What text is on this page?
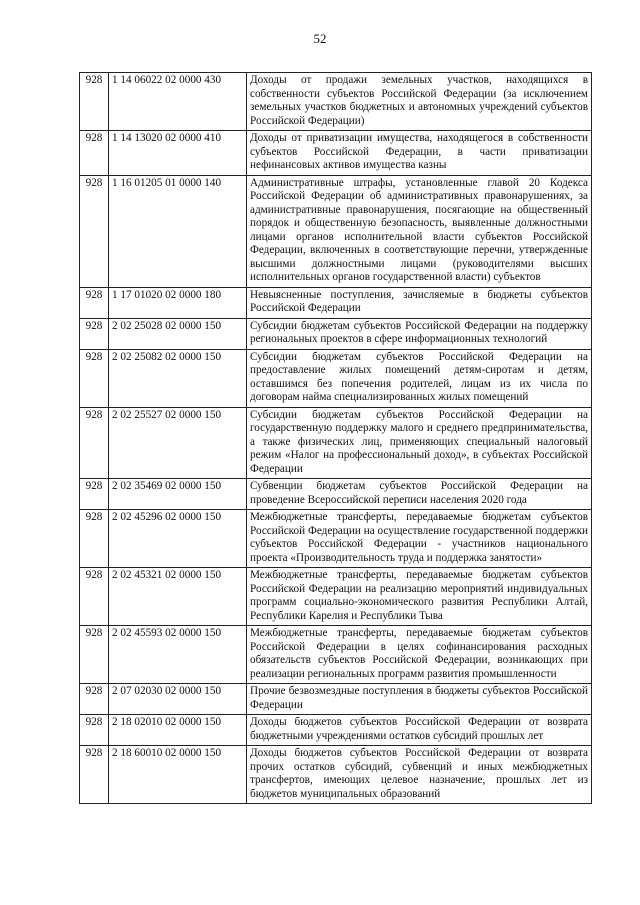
52
928	1 14 06022 02 0000 430	Доходы от продажи земельных участков, находящихся в собственности субъектов Российской Федерации (за исключением земельных участков бюджетных и автономных учреждений субъектов Российской Федерации)
928	1 14 13020 02 0000 410	Доходы от приватизации имущества, находящегося в собственности субъектов Российской Федерации, в части приватизации нефинансовых активов имущества казны
928	1 16 01205 01 0000 140	Административные штрафы, установленные главой 20 Кодекса Российской Федерации об административных правонарушениях, за административные правонарушения, посягающие на общественный порядок и общественную безопасность, выявленные должностными лицами органов исполнительной власти субъектов Российской Федерации, включенных в соответствующие перечни, утвержденные высшими должностными лицами (руководителями высших исполнительных органов государственной власти) субъектов
928	1 17 01020 02 0000 180	Невыясненные поступления, зачисляемые в бюджеты субъектов Российской Федерации
928	2 02 25028 02 0000 150	Субсидии бюджетам субъектов Российской Федерации на поддержку региональных проектов в сфере информационных технологий
928	2 02 25082 02 0000 150	Субсидии бюджетам субъектов Российской Федерации на предоставление жилых помещений детям-сиротам и детям, оставшимся без попечения родителей, лицам из их числа по договорам найма специализированных жилых помещений
928	2 02 25527 02 0000 150	Субсидии бюджетам субъектов Российской Федерации на государственную поддержку малого и среднего предпринимательства, а также физических лиц, применяющих специальный налоговый режим «Налог на профессиональный доход», в субъектах Российской Федерации
928	2 02 35469 02 0000 150	Субвенции бюджетам субъектов Российской Федерации на проведение Всероссийской переписи населения 2020 года
928	2 02 45296 02 0000 150	Межбюджетные трансферты, передаваемые бюджетам субъектов Российской Федерации на осуществление государственной поддержки субъектов Российской Федерации - участников национального проекта «Производительность труда и поддержка занятости»
928	2 02 45321 02 0000 150	Межбюджетные трансферты, передаваемые бюджетам субъектов Российской Федерации на реализацию мероприятий индивидуальных программ социально-экономического развития Республики Алтай, Республики Карелия и Республики Тыва
928	2 02 45593 02 0000 150	Межбюджетные трансферты, передаваемые бюджетам субъектов Российской Федерации в целях софинансирования расходных обязательств субъектов Российской Федерации, возникающих при реализации региональных программ развития промышленности
928	2 07 02030 02 0000 150	Прочие безвозмездные поступления в бюджеты субъектов Российской Федерации
928	2 18 02010 02 0000 150	Доходы бюджетов субъектов Российской Федерации от возврата бюджетными учреждениями остатков субсидий прошлых лет
928	2 18 60010 02 0000 150	Доходы бюджетов субъектов Российской Федерации от возврата прочих остатков субсидий, субвенций и иных межбюджетных трансфертов, имеющих целевое назначение, прошлых лет из бюджетов муниципальных образований
